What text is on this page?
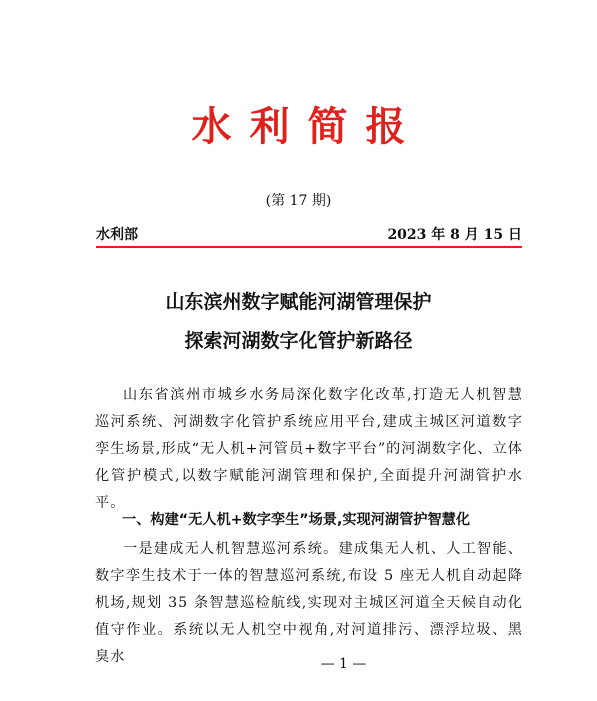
水利简报
(第 17 期)
水利部	2023 年 8 月 15 日
山东滨州数字赋能河湖管理保护
探索河湖数字化管护新路径

山东省滨州市城乡水务局深化数字化改革,打造无人机智慧巡河系统、河湖数字化管护系统应用平台,建成主城区河道数字孪生场景,形成“无人机+河管员+数字平台”的河湖数字化、立体化管护模式,以数字赋能河湖管理和保护,全面提升河湖管护水平。

一、构建“无人机+数字孪生”场景,实现河湖管护智慧化

一是建成无人机智慧巡河系统。建成集无人机、人工智能、数字孪生技术于一体的智慧巡河系统,布设 5 座无人机自动起降机场,规划 35 条智慧巡检航线,实现对主城区河道全天候自动化值守作业。系统以无人机空中视角,对河道排污、漂浮垃圾、黑臭水	— 1 —
